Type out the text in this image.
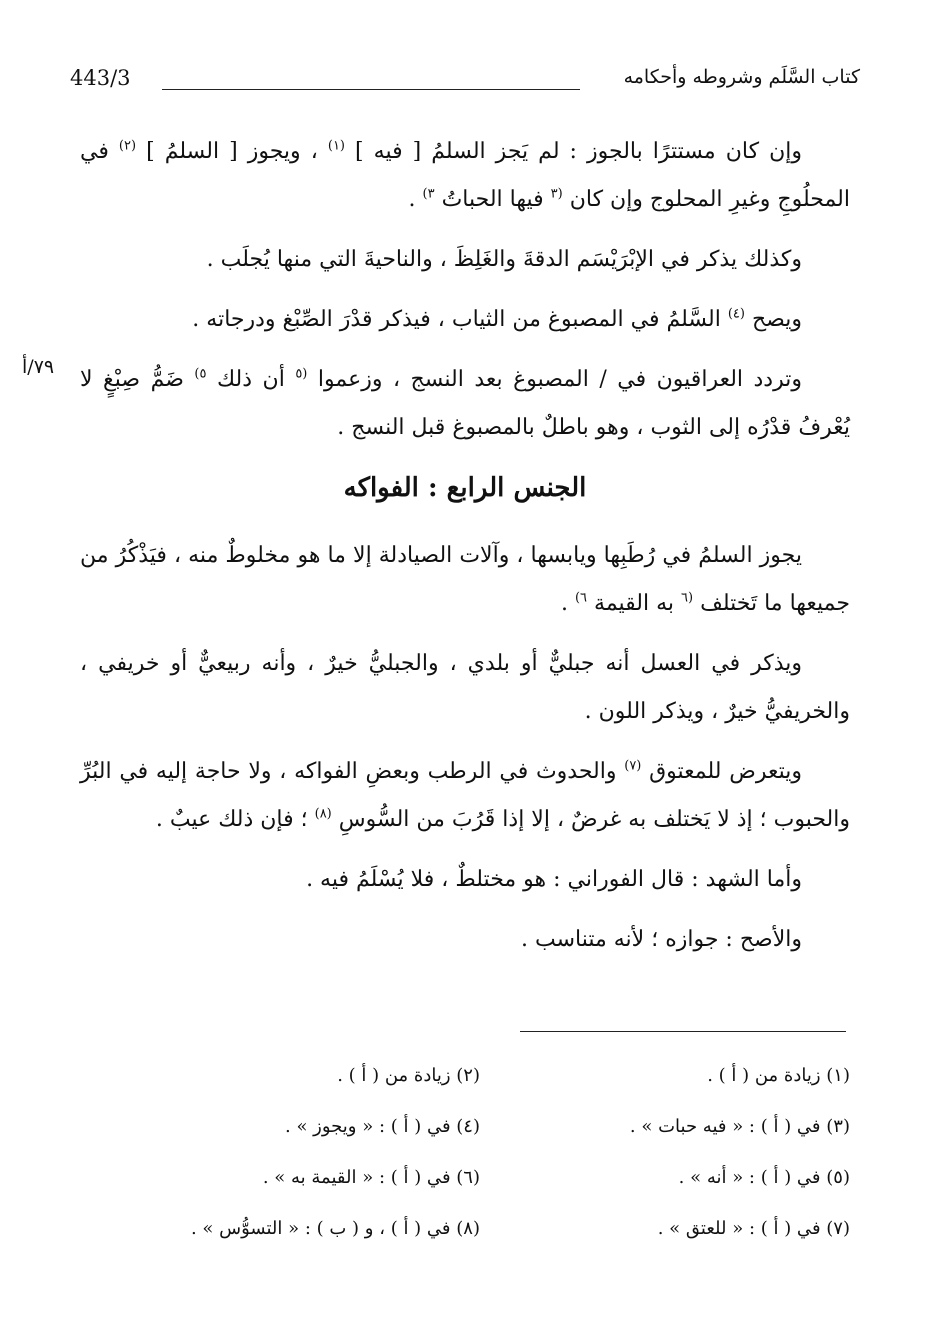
كتاب السَّلَم وشروطه وأحكامه
443/3
٧٩/أ

وإن كان مستترًا بالجوز : لم يَجز السلمُ [ فيه ] $^{(١)}$ ، ويجوز [ السلمُ ] $^{(٢)}$ في المحلُوجِ وغيرِ المحلوج وإن كان $^{(٣}$ فيها الحباتُ $^{٣)}$ .

وكذلك يذكر في الإبْرَيْسَم الدقةَ والغَلِظَ ، والناحيةَ التي منها يُجلَب .

ويصح $^{(٤)}$ السَّلمُ في المصبوغ من الثياب ، فيذكر قدْرَ الصِّبْغ ودرجاته .

وتردد العراقيون في / المصبوغ بعد النسج ، وزعموا $^{(٥}$ أن ذلك $^{٥)}$ ضَمُّ صِبْغٍ لا يُعْرفُ قدْرُه إلى الثوب ، وهو باطلٌ بالمصبوغ قبل النسج .

الجنس الرابع : الفواكه

يجوز السلمُ في رُطَبِها ويابسها ، وآلات الصيادلة إلا ما هو مخلوطٌ منه ، فيَذْكُرُ من جميعها ما تَختلف $^{(٦}$ به القيمة $^{٦)}$ .

ويذكر في العسل أنه جبليٌّ أو بلدي ، والجبليُّ خيرٌ ، وأنه ربيعيٌّ أو خريفي ، والخريفيُّ خيرٌ ، ويذكر اللون .

ويتعرض للمعتوق $^{(٧)}$ والحدوث في الرطب وبعضِ الفواكه ، ولا حاجة إليه في البُرِّ والحبوب ؛ إذ لا يَختلف به غرضٌ ، إلا إذا قَرُبَ من السُّوسِ $^{(٨)}$ ؛ فإن ذلك عيبٌ .

وأما الشهد : قال الفوراني : هو مختلطٌ ، فلا يُسْلَمُ فيه .

والأصح : جوازه ؛ لأنه متناسب .

(١) زيادة من ( أ ) .
(٢) زيادة من ( أ ) .
(٣) في ( أ ) : « فيه حبات » .
(٤) في ( أ ) : « ويجوز » .
(٥) في ( أ ) : « أنه » .
(٦) في ( أ ) : « القيمة به » .
(٧) في ( أ ) : « للعتق » .
(٨) في ( أ ) ، و ( ب ) : « التسوُّس » .
